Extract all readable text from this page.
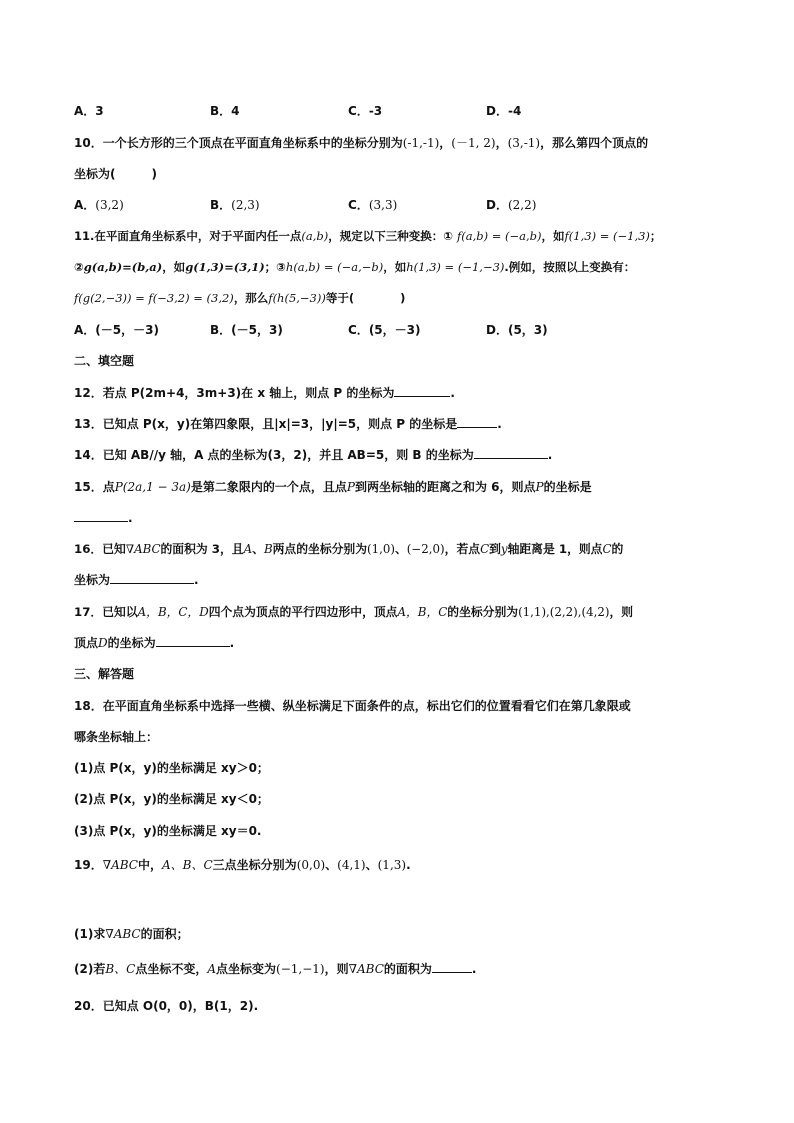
A．3	B．4	C．-3	D．-4
10．一个长方形的三个顶点在平面直角坐标系中的坐标分别为(-1,-1)，(－1, 2)，(3,-1)，那么第四个顶点的
坐标为(　　　)
A．(3,2)	B．(2,3)	C．(3,3)	D．(2,2)
11.在平面直角坐标系中，对于平面内任一点(a,b)，规定以下三种变换：① f(a,b) = (−a,b)，如f(1,3) = (−1,3)；
②g(a,b)=(b,a)，如g(1,3)=(3,1)；③h(a,b) = (−a,−b)，如h(1,3) = (−1,−3).例如，按照以上变换有：
f(g(2,−3)) = f(−3,2) = (3,2)，那么f(h(5,−3))等于(　　　　)
A．(－5，－3)	B．(－5，3)	C．(5，－3)	D．(5，3)
二、填空题
12．若点 P(2m+4，3m+3)在 x 轴上，则点 P 的坐标为	.
13．已知点 P(x，y)在第四象限，且|x|=3，|y|=5，则点 P 的坐标是	.
14．已知 AB//y 轴，A 点的坐标为(3，2)，并且 AB=5，则 B 的坐标为	.
15．点P(2a,1 − 3a)是第二象限内的一个点，且点P到两坐标轴的距离之和为 6，则点P的坐标是
.
16．已知∇ABC的面积为 3，且A、B两点的坐标分别为(1,0)、(−2,0)，若点C到y轴距离是 1，则点C的
坐标为	.
17．已知以A，B，C，D四个点为顶点的平行四边形中，顶点A，B，C的坐标分别为(1,1),(2,2),(4,2)，则
顶点D的坐标为	.
三、解答题
18．在平面直角坐标系中选择一些横、纵坐标满足下面条件的点，标出它们的位置看看它们在第几象限或
哪条坐标轴上：
(1)点 P(x，y)的坐标满足 xy＞0；
(2)点 P(x，y)的坐标满足 xy＜0；
(3)点 P(x，y)的坐标满足 xy＝0.
19．∇ABC中，A、B、C三点坐标分别为(0,0)、(4,1)、(1,3).
(1)求∇ABC的面积；
(2)若B、C点坐标不变，A点坐标变为(−1,−1)，则∇ABC的面积为	.
20．已知点 O(0，0)，B(1，2).
